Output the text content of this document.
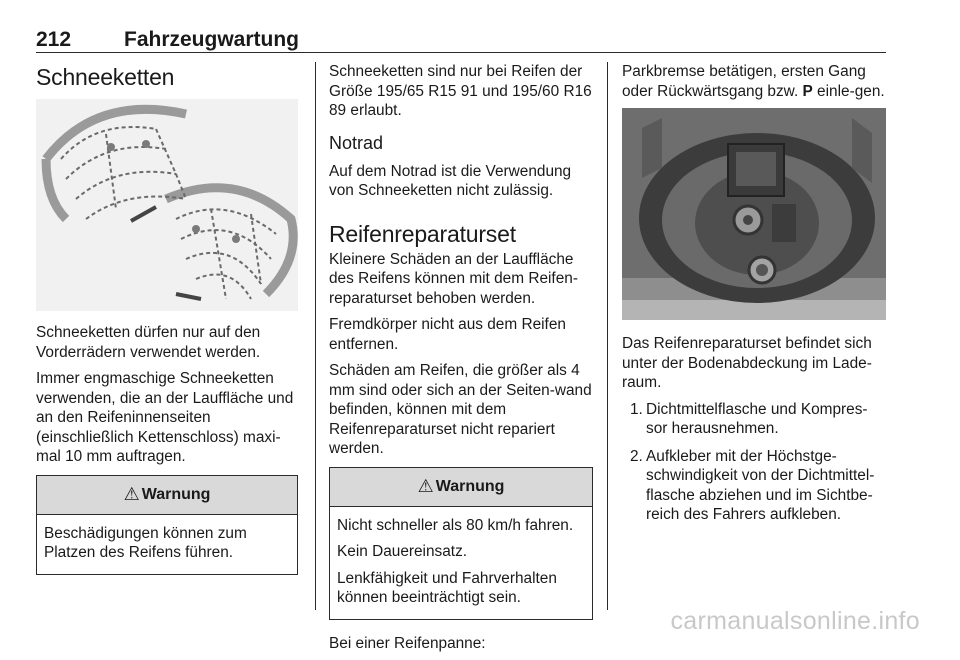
212	Fahrzeugwartung
Schneeketten

Schneeketten dürfen nur auf den Vorderrädern verwendet werden.

Immer engmaschige Schneeketten verwenden, die an der Lauffläche und an den Reifeninnenseiten (einschließlich Kettenschloss) maxi-mal 10 mm auftragen.

⚠ Warnung

Beschädigungen können zum Platzen des Reifens führen.

Schneeketten sind nur bei Reifen der Größe 195/65 R15 91 und 195/60 R16 89 erlaubt.

Notrad

Auf dem Notrad ist die Verwendung von Schneeketten nicht zulässig.

Reifenreparaturset

Kleinere Schäden an der Lauffläche des Reifens können mit dem Reifen-reparaturset behoben werden.

Fremdkörper nicht aus dem Reifen entfernen.

Schäden am Reifen, die größer als 4 mm sind oder sich an der Seiten-wand befinden, können mit dem Reifenreparaturset nicht repariert werden.

⚠ Warnung

Nicht schneller als 80 km/h fahren.

Kein Dauereinsatz.

Lenkfähigkeit und Fahrverhalten können beeinträchtigt sein.

Bei einer Reifenpanne:

Parkbremse betätigen, ersten Gang oder Rückwärtsgang bzw. P einle-gen.

Das Reifenreparaturset befindet sich unter der Bodenabdeckung im Lade-raum.

1. Dichtmittelflasche und Kompres-sor herausnehmen.
2. Aufkleber mit der Höchstge-schwindigkeit von der Dichtmittel-flasche abziehen und im Sichtbe-reich des Fahrers aufkleben.
carmanualsonline.info
